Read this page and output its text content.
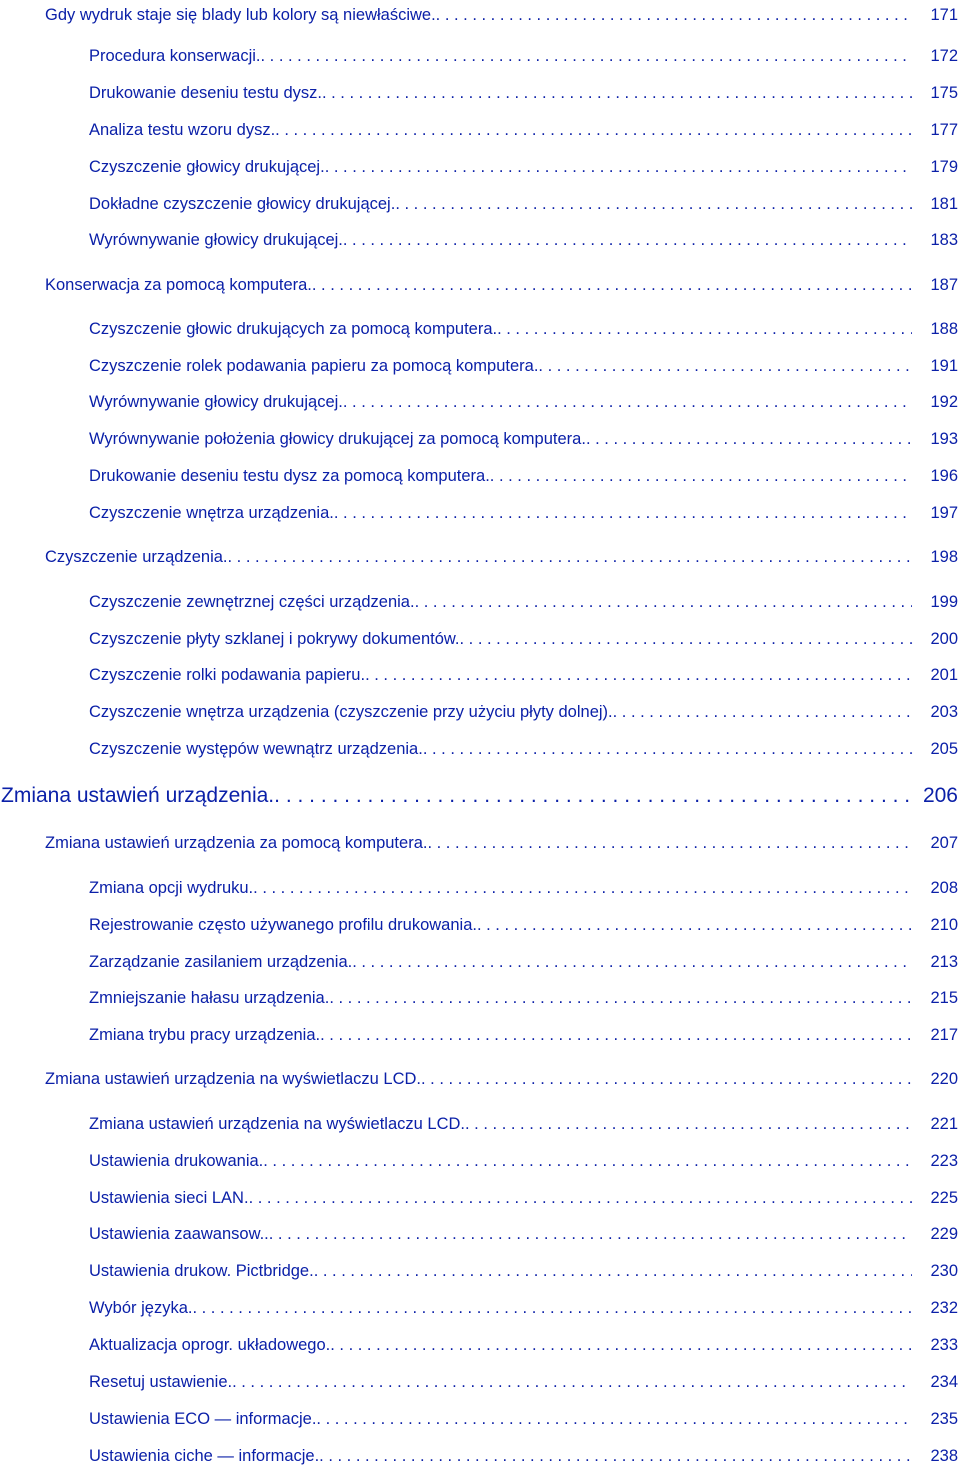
Gdy wydruk staje się blady lub kolory są niewłaściwe. . . .	171
Procedura konserwacji. . . .	172
Drukowanie deseniu testu dysz. . . .	175
Analiza testu wzoru dysz. . . .	177
Czyszczenie głowicy drukującej. . . .	179
Dokładne czyszczenie głowicy drukującej. . . .	181
Wyrównywanie głowicy drukującej. . . .	183
Konserwacja za pomocą komputera. . . .	187
Czyszczenie głowic drukujących za pomocą komputera. . . .	188
Czyszczenie rolek podawania papieru za pomocą komputera. . . .	191
Wyrównywanie głowicy drukującej. . . .	192
Wyrównywanie położenia głowicy drukującej za pomocą komputera. . . .	193
Drukowanie deseniu testu dysz za pomocą komputera. . . .	196
Czyszczenie wnętrza urządzenia. . . .	197
Czyszczenie urządzenia. . . .	198
Czyszczenie zewnętrznej części urządzenia. . . .	199
Czyszczenie płyty szklanej i pokrywy dokumentów. . . .	200
Czyszczenie rolki podawania papieru. . . .	201
Czyszczenie wnętrza urządzenia (czyszczenie przy użyciu płyty dolnej). . . .	203
Czyszczenie występów wewnątrz urządzenia. . . .	205
Zmiana ustawień urządzenia. . . .	206
Zmiana ustawień urządzenia za pomocą komputera. . . .	207
Zmiana opcji wydruku. . . .	208
Rejestrowanie często używanego profilu drukowania. . . .	210
Zarządzanie zasilaniem urządzenia. . . .	213
Zmniejszanie hałasu urządzenia. . . .	215
Zmiana trybu pracy urządzenia. . . .	217
Zmiana ustawień urządzenia na wyświetlaczu LCD. . . .	220
Zmiana ustawień urządzenia na wyświetlaczu LCD. . . .	221
Ustawienia drukowania. . . .	223
Ustawienia sieci LAN. . . .	225
Ustawienia zaawansow.. . . .	229
Ustawienia drukow. Pictbridge. . . .	230
Wybór języka. . . .	232
Aktualizacja oprogr. układowego. . . .	233
Resetuj ustawienie. . . .	234
Ustawienia ECO — informacje. . . .	235
Ustawienia ciche — informacje. . . .	238
